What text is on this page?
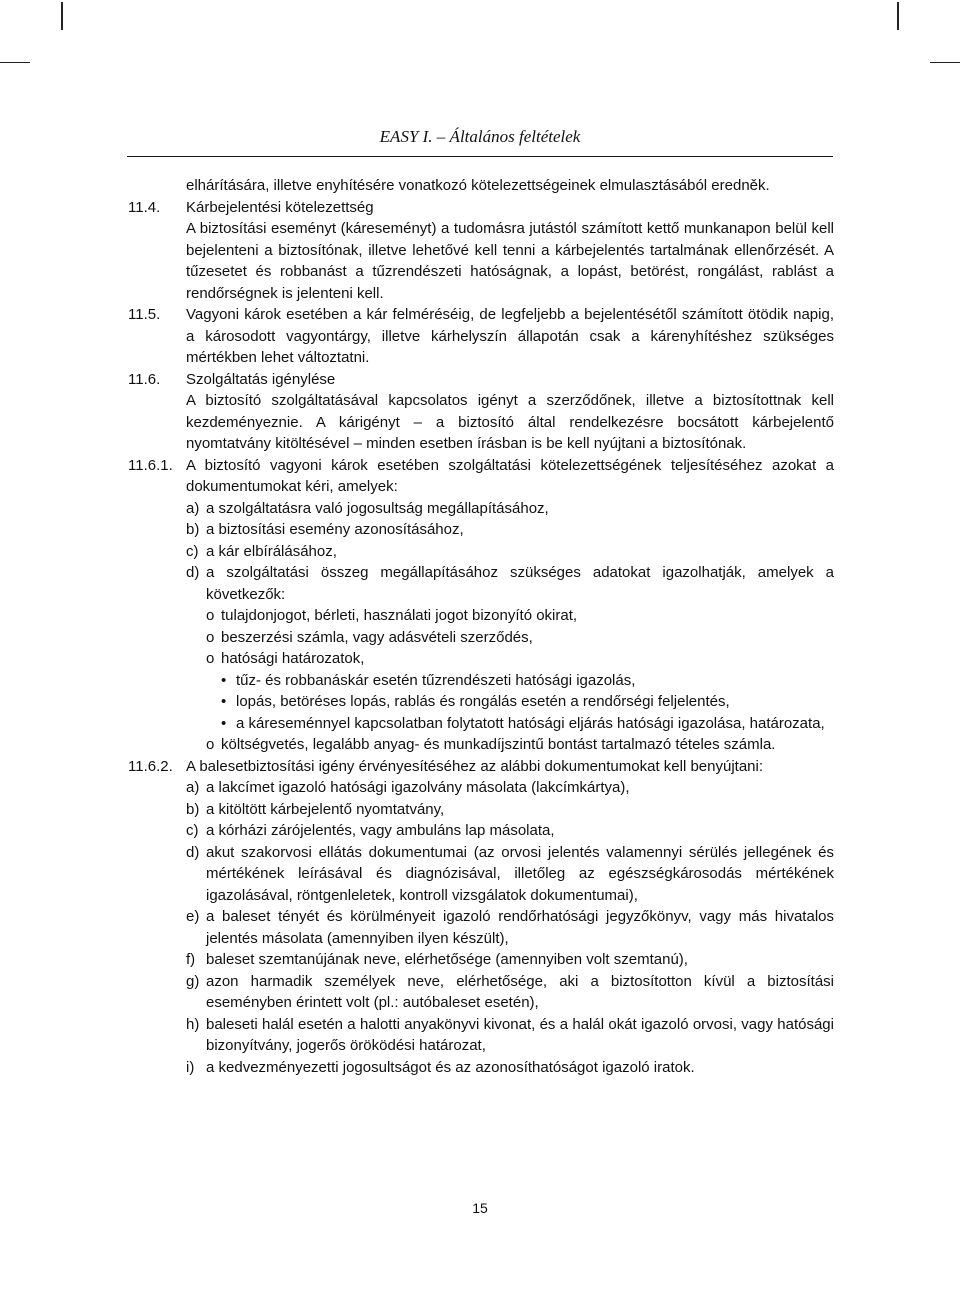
EASY I. – Általános feltételek
elhárítására, illetve enyhítésére vonatkozó kötelezettségeinek elmulasztásából eredněk.
11.4.	Kárbejelentési kötelezettség
A biztosítási eseményt (káreseményt) a tudomásra jutástól számított kettő munkanapon belül kell bejelenteni a biztosítónak, illetve lehetővé kell tenni a kárbejelentés tartalmának ellenőrzését. A tűzesetet és robbanást a tűzrendészeti hatóságnak, a lopást, betörést, rongálást, rablást a rendőrségnek is jelenteni kell.
11.5.	Vagyoni károk esetében a kár felméréséig, de legfeljebb a bejelentésétől számított ötödik napig, a károsodott vagyontárgy, illetve kárhelyszín állapotán csak a kárenyhítéshez szükséges mértékben lehet változtatni.
11.6.	Szolgáltatás igénylése
A biztosító szolgáltatásával kapcsolatos igényt a szerződőnek, illetve a biztosítottnak kell kezdeményeznie. A kárigényt – a biztosító által rendelkezésre bocsátott kárbejelentő nyomtatvány kitöltésével – minden esetben írásban is be kell nyújtani a biztosítónak.
11.6.1. A biztosító vagyoni károk esetében szolgáltatási kötelezettségének teljesítéséhez azokat a dokumentumokat kéri, amelyek:
a) a szolgáltatásra való jogosultság megállapításához,
b) a biztosítási esemény azonosításához,
c) a kár elbírálásához,
d) a szolgáltatási összeg megállapításához szükséges adatokat igazolhatják, amelyek a következők:
o tulajdonjogot, bérleti, használati jogot bizonyító okirat,
o beszerzési számla, vagy adásvételi szerződés,
o hatósági határozatok,
• tűz- és robbanáskár esetén tűzrendészeti hatósági igazolás,
• lopás, betöréses lopás, rablás és rongálás esetén a rendőrségi feljelentés,
• a káreseménnyel kapcsolatban folytatott hatósági eljárás hatósági igazolása, határozata,
o költségvetés, legalább anyag- és munkadíjszintű bontást tartalmazó tételes számla.
11.6.2. A balesetbiztosítási igény érvényesítéséhez az alábbi dokumentumokat kell benyújtani:
a) a lakcímet igazoló hatósági igazolvány másolata (lakcímkártya),
b) a kitöltött kárbejelentő nyomtatvány,
c) a kórházi zárójelentés, vagy ambuláns lap másolata,
d) akut szakorvosi ellátás dokumentumai (az orvosi jelentés valamennyi sérülés jellegének és mértékének leírásával és diagnózisával, illetőleg az egészségkárosodás mértékének igazolásával, röntgenleletek, kontroll vizsgálatok dokumentumai),
e) a baleset tényét és körülményeit igazoló rendőrhatósági jegyzőkönyv, vagy más hivatalos jelentés másolata (amennyiben ilyen készült),
f) baleset szemtanújának neve, elérhetősége (amennyiben volt szemtanú),
g) azon harmadik személyek neve, elérhetősége, aki a biztosítotton kívül a biztosítási eseményben érintett volt (pl.: autóbaleset esetén),
h) baleseti halál esetén a halotti anyakönyvi kivonat, és a halál okát igazoló orvosi, vagy hatósági bizonyítvány, jogerős öröködési határozat,
i) a kedvezményezetti jogosultságot és az azonosíthatóságot igazoló iratok.
15
